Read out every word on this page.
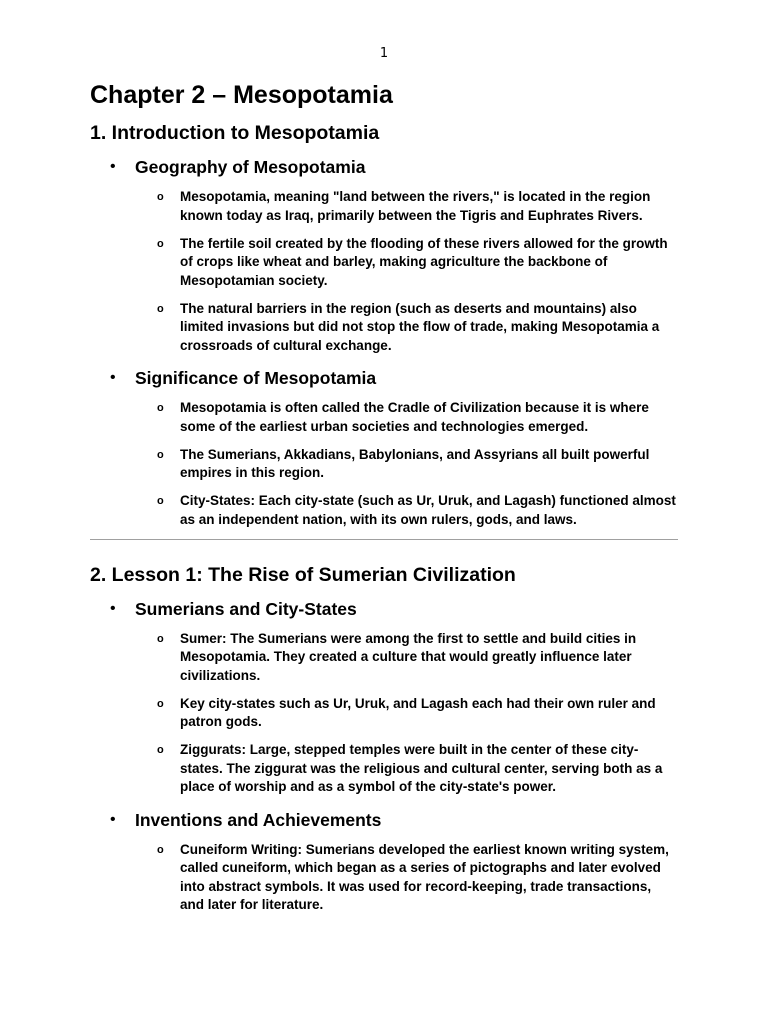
1
Chapter 2 – Mesopotamia
1. Introduction to Mesopotamia
• Geography of Mesopotamia
o Mesopotamia, meaning "land between the rivers," is located in the region known today as Iraq, primarily between the Tigris and Euphrates Rivers.
o The fertile soil created by the flooding of these rivers allowed for the growth of crops like wheat and barley, making agriculture the backbone of Mesopotamian society.
o The natural barriers in the region (such as deserts and mountains) also limited invasions but did not stop the flow of trade, making Mesopotamia a crossroads of cultural exchange.
• Significance of Mesopotamia
o Mesopotamia is often called the Cradle of Civilization because it is where some of the earliest urban societies and technologies emerged.
o The Sumerians, Akkadians, Babylonians, and Assyrians all built powerful empires in this region.
o City-States: Each city-state (such as Ur, Uruk, and Lagash) functioned almost as an independent nation, with its own rulers, gods, and laws.
2. Lesson 1: The Rise of Sumerian Civilization
• Sumerians and City-States
o Sumer: The Sumerians were among the first to settle and build cities in Mesopotamia. They created a culture that would greatly influence later civilizations.
o Key city-states such as Ur, Uruk, and Lagash each had their own ruler and patron gods.
o Ziggurats: Large, stepped temples were built in the center of these city-states. The ziggurat was the religious and cultural center, serving both as a place of worship and as a symbol of the city-state's power.
• Inventions and Achievements
o Cuneiform Writing: Sumerians developed the earliest known writing system, called cuneiform, which began as a series of pictographs and later evolved into abstract symbols. It was used for record-keeping, trade transactions, and later for literature.
